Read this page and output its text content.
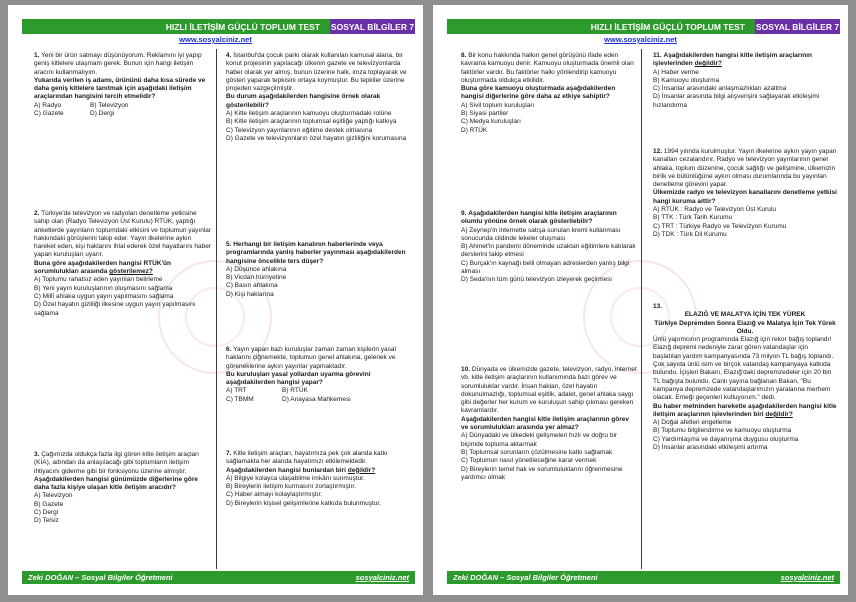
HIZLI İLETİŞİM GÜÇLÜ TOPLUM TEST	SOSYAL BİLGİLER 7
www.sosyalciniz.net
1. Yeni bir ürün satmayı düşünüyorum. Reklamını iyi yapıp geniş kitlelere ulaşmam gerek. Bunun için hangi iletişim aracını kullanmalıyım.
Yukarıda verilen iş adamı, ürününü daha kısa sürede ve daha geniş kitlelere tanıtmak için aşağıdaki iletişim araçlarından hangisini tercih etmelidir?
A) Radyo	B) Televizyon
C) Gazete	D) Dergi
2. Türkiye'de televizyon ve radyoları denetleme yetkisine sahip olan (Radyo Televizyon Üst Kurulu) RTÜK, yaptığı anketlerde yayınların toplumdaki etkisini ve toplumun yayınlar hakkındaki görüşlerini takip eder. Yayın ilkelerine aykırı hareket eden, kişi haklarını ihlal ederek özel hayatlarını haber yapan kuruluşları uyarır.
Buna göre aşağıdakilerden hangisi RTÜK'ün sorumlulukları arasında gösterilemez?
A) Toplumu rahatsız eden yayınları belirleme
B) Yeni yayın kuruluşlarının oluşmasını sağlama
C) Millî ahlaka uygun yayın yapılmasını sağlama
D) Özel hayatın gizliliği ilkesine uygun yayın yapılmasını sağlama
3. Çağımızda oldukça fazla ilgi gören kitle iletişim araçları (KİA), adından da anlaşılacağı gibi toplumların iletişim ihtiyacını giderme gibi bir fonksiyonu üzerine almıştır.
Aşağıdakilerden hangisi günümüzde diğerlerine göre daha fazla kişiye ulaşan kitle iletişim aracıdır?
A) Televizyon
B) Gazete
C) Dergi
D) Telsiz
4. İstanbul'da çocuk parkı olarak kullanılan kamusal alana, bir konut projesinin yapılacağı ülkenin gazete ve televizyonlarda haber olarak yer almış, bunun üzerine halk, imza toplayarak ve gösteri yaparak tepkisini ortaya koymuştur. Bu tepkiler üzerine projeden vazgeçilmiştir.
Bu durum aşağıdakilerden hangisine örnek olarak gösterilebilir?
A) Kitle iletişim araçlarının kamuoyu oluşturmadaki rolüne
B) Kitle iletişim araçlarının toplumsal eşitliğe yaptığı katkıya
C) Televizyon yayınlarının eğitime destek olmasına
D) Gazete ve televizyonların özel hayatın gizliliğini korumasına
5. Herhangi bir iletişim kanalının haberlerinde veya programlarında yanlış haberler yayınması aşağıdakilerden hangisine öncelikle ters düşer?
A) Düşünce ahlakına
B) Vicdan hürriyetine
C) Basın ahlakına
D) Kişi haklarına
6. Yayın yapan bazı kuruluşlar zaman zaman kişilerin yasal haklarını çiğnemekte, toplumun genel ahlakına, gelenek ve göreneklerine aykırı yayınlar yapmaktadır.
Bu kuruluşları yasal yollardan uyarma görevini aşağıdakilerden hangisi yapar?
A) TRT	B) RTÜK
C) TBMM	D) Anayasa Mahkemesi
7. Kitle iletişim araçları, hayatımıza pek çok alanda katkı sağlamakta her alanda hayatımızı etkilemektedir.
Aşağıdakilerden hangisi bunlardan biri değildir?
A) Bilgiye kolayca ulaşabilme imkânı sunmuştur.
B) Bireylerin iletişim kurmasını zorlaştırmıştır.
C) Haber almayı kolaylaştırmıştır.
D) Bireylerin kişisel gelişimlerine katkıda bulunmuştur.
Zeki DOĞAN – Sosyal Bilgiler Öğretmeni	sosyalciniz.net
HIZLI İLETİŞİM GÜÇLÜ TOPLUM TEST	SOSYAL BİLGİLER 7
www.sosyalciniz.net
8. Bir konu hakkında halkın genel görüşünü ifade eden kavrama kamuoyu denir. Kamuoyu oluşturmada önemli olan faktörler vardır. Bu faktörler halkı yönlendirip kamuoyu oluşturmada oldukça etkilidir.
Buna göre kamuoyu oluşturmada aşağıdakilerden hangisi diğerlerine göre daha az etkiye sahiptir?
A) Sivil toplum kuruluşları
B) Siyasi partiler
C) Medya kuruluşları
D) RTÜK
9. Aşağıdakilerden hangisi kitle iletişim araçlarının olumlu yönüne örnek olarak gösterilebilir?
A) Zeynep'in internette satışa sunulan kremi kullanması sonucunda cildinde lekeler oluşması
B) Ahmet'in pandemi döneminde uzaktan eğitimlere katılarak derslerini takip etmesi
C) Burçak'ın kaynağı belli olmayan adreslerden yanlış bilgi alması
D) Seda'nın tüm günü televizyon izleyerek geçirmesi
10. Dünyada ve ülkemizde gazete, televizyon, radyo, internet vb. kitle iletişim araçlarının kullanımında bazı görev ve sorumluluklar vardır. İnsan hakları, özel hayatın dokunulmazlığı, toplumsal eşitlik, adalet, genel ahlaka saygı gibi değerler her kurum ve kuruluşun sahip çıkması gereken kavramlardır.
Aşağıdakilerden hangisi kitle iletişim araçlarının görev ve sorumlulukları arasında yer almaz?
A) Dünyadaki ve ülkedeki gelişmeleri hızlı ve doğru bir biçimde topluma aktarmak
B) Toplumsal sorunların çözülmesine katkı sağlamak
C) Toplumun nasıl yönetileceğine karar vermek
D) Bireylerin temel hak ve sorumluluklarını öğrenmesine yardımcı olmak
11. Aşağıdakilerden hangisi kitle iletişim araçlarının işlevlerinden değildir?
A) Haber verme
B) Kamuoyu oluşturma
C) İnsanlar arasındaki anlaşmazlıkları azaltma
D) İnsanlar arasında bilgi alışverişini sağlayarak etkileşimi hızlandırma
12. 1994 yılında kurulmuştur. Yayın ilkelerine aykırı yayın yapan kanalları cezalandırır. Radyo ve televizyon yayınlarının genel ahlaka, toplum düzenine, çocuk sağlığı ve gelişimine, ülkemizin birlik ve bütünlüğüne aykırı olması durumlarında bu yayınları denetleme görevini yapar.
Ülkemizde radyo ve televizyon kanallarını denetleme yetkisi hangi kuruma aittir?
A) RTÜK : Radyo ve Televizyon Üst Kurulu
B) TTK : Türk Tarih Kurumu
C) TRT : Türkiye Radyo ve Televizyon Kurumu
D) TDK : Türk Dil Kurumu
13.

ELAZIĞ VE MALATYA İÇİN TEK YÜREK
Türkiye Depremden Sonra Elazığ ve Malatya İçin Tek Yürek Oldu.
Ünlü yapımcının programında Elazığ için rekor bağış toplandı! Elazığ depremi nedeniyle zarar gören vatandaşlar için başlatılan yardım kampanyasında 73 milyon TL bağış toplandı. Çok sayıda ünlü isim ve birçok vatandaş kampanyaya katkıda bulundu. İçişleri Bakanı, Elazığ'daki depremzedeler için 20 bin TL bağışta bulundu. Canlı yayına bağlanan Bakan, "Bu kampanya depremzede vatandaşlarımızın yaralarına merhem olacak. Emeği geçenleri kutluyorum." dedi.
Bu haber metninden hareketle aşağıdakilerden hangisi kitle iletişim araçlarının işlevlerinden biri değildir?
A) Doğal afetleri engelleme
B) Toplumu bilgilendirme ve kamuoyu oluşturma
C) Yardımlaşma ve dayanışma duygusu oluşturma
D) İnsanlar arasındaki etkileşimi artırma
Zeki DOĞAN – Sosyal Bilgiler Öğretmeni	sosyalciniz.net
